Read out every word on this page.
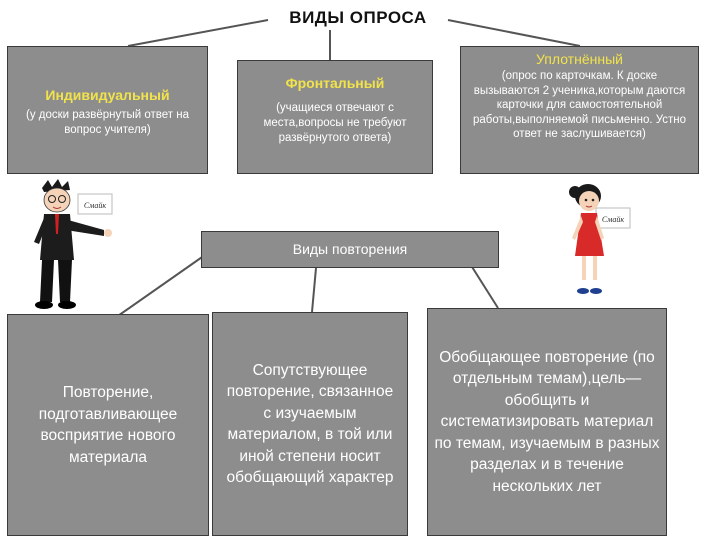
ВИДЫ ОПРОСА
Индивидуальный
(у доски развёрнутый ответ на вопрос учителя)
Фронтальный
(учащиеся отвечают с места,вопросы не требуют развёрнутого ответа)
Уплотнённый
(опрос по карточкам. К доске вызываются 2 ученика,которым даются карточки для самостоятельной работы,выполняемой письменно. Устно ответ не заслушивается)
Виды повторения
Повторение, подготавливающее восприятие нового материала
Сопутствующее повторение, связанное с изучаемым материалом, в той или иной степени носит обобщающий характер
Обобщающее повторение (по отдельным темам),цель—обобщить и систематизировать материал по темам, изучаемым в разных разделах и в течение нескольких лет
Смайк
Смайк
